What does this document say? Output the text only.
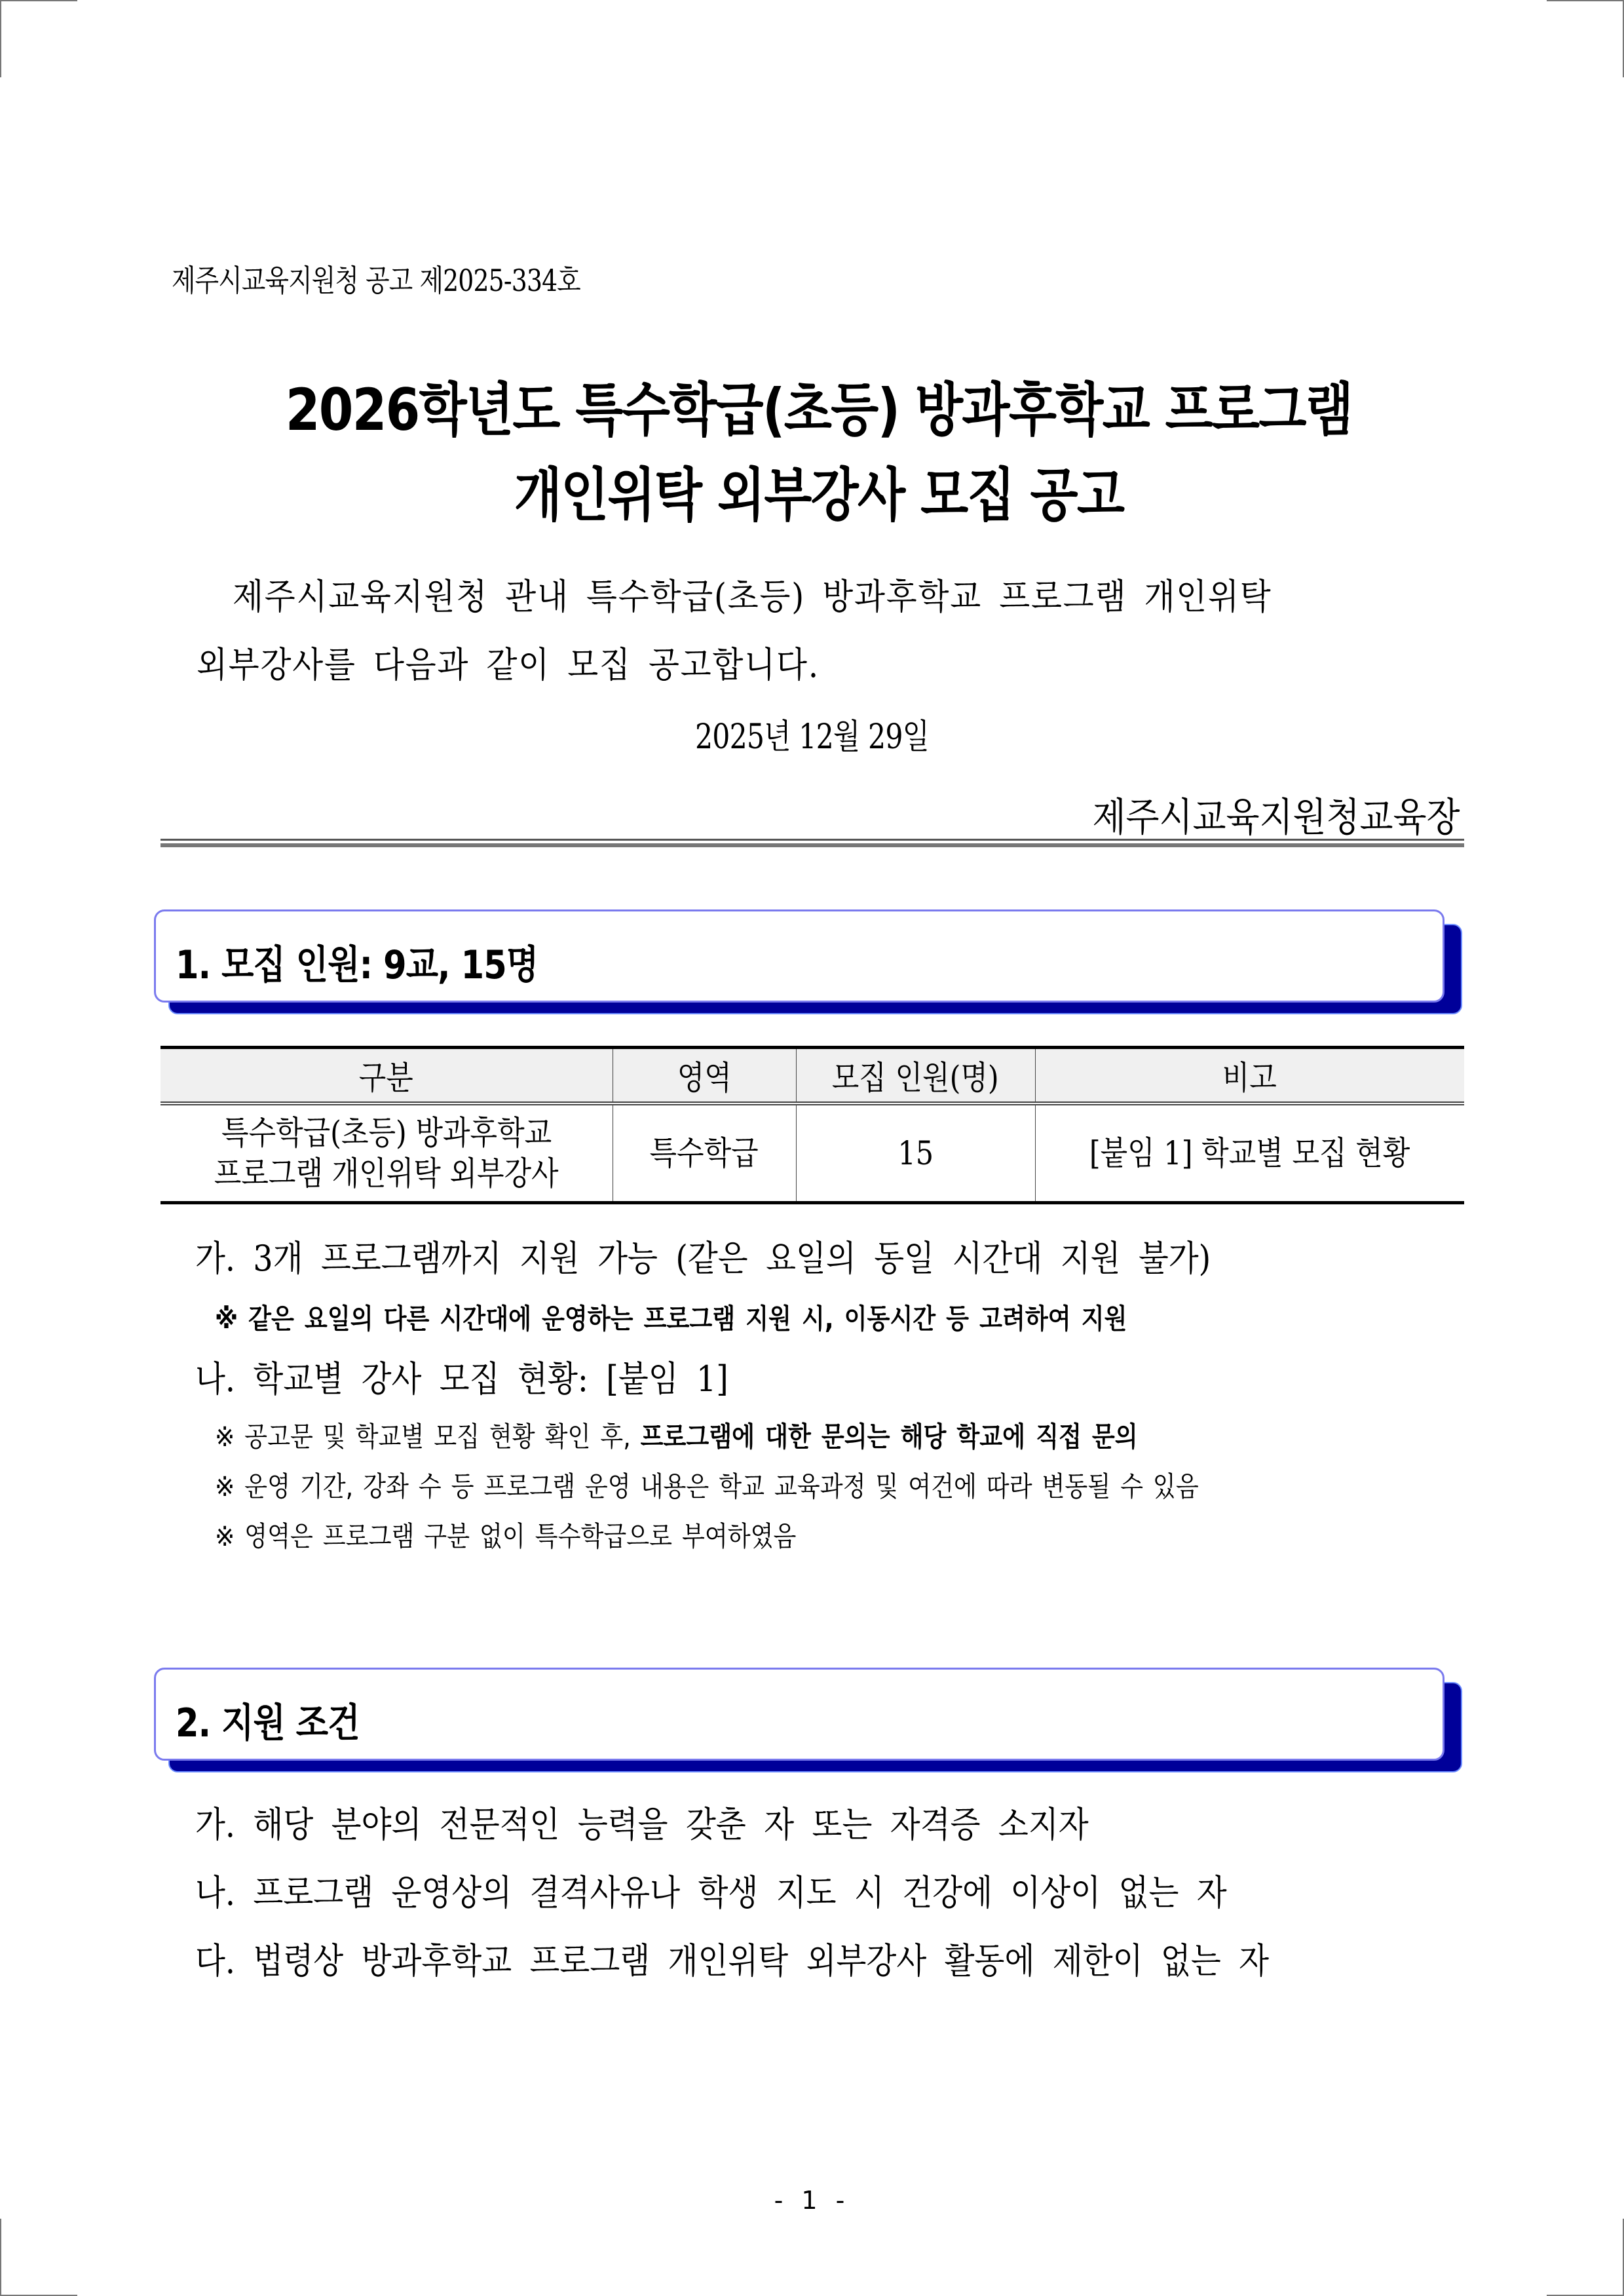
제주시교육지원청 공고 제2025-334호
2026학년도 특수학급(초등) 방과후학교 프로그램
개인위탁 외부강사 모집 공고
제주시교육지원청 관내 특수학급(초등) 방과후학교 프로그램 개인위탁
외부강사를 다음과 같이 모집 공고합니다.
2025년 12월 29일
제주시교육지원청교육장
1. 모집 인원: 9교, 15명
구분	영역	모집 인원(명)	비고
특수학급(초등) 방과후학교
프로그램 개인위탁 외부강사	특수학급	15	[붙임 1] 학교별 모집 현황
가. 3개 프로그램까지 지원 가능 (같은 요일의 동일 시간대 지원 불가)
※ 같은 요일의 다른 시간대에 운영하는 프로그램 지원 시, 이동시간 등 고려하여 지원
나. 학교별 강사 모집 현황: [붙임 1]
※ 공고문 및 학교별 모집 현황 확인 후, 프로그램에 대한 문의는 해당 학교에 직접 문의
※ 운영 기간, 강좌 수 등 프로그램 운영 내용은 학교 교육과정 및 여건에 따라 변동될 수 있음
※ 영역은 프로그램 구분 없이 특수학급으로 부여하였음
2. 지원 조건
가. 해당 분야의 전문적인 능력을 갖춘 자 또는 자격증 소지자
나. 프로그램 운영상의 결격사유나 학생 지도 시 건강에 이상이 없는 자
다. 법령상 방과후학교 프로그램 개인위탁 외부강사 활동에 제한이 없는 자
- 1 -
